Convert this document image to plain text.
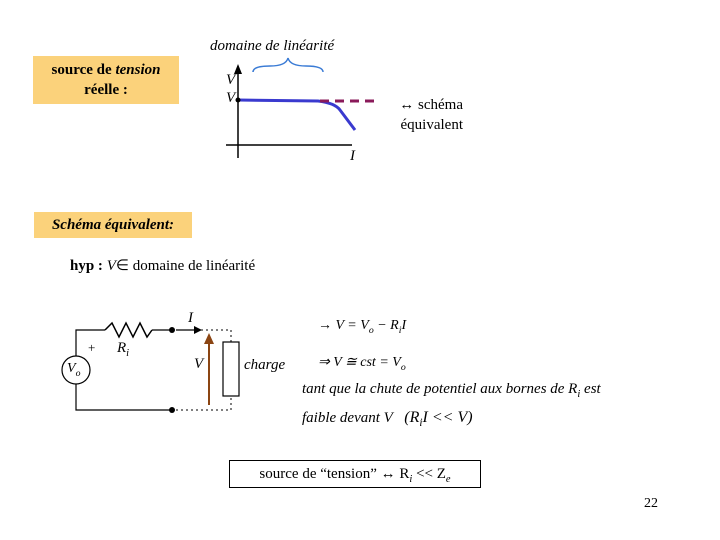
source de tension
réelle :
domaine de linéarité
V
V
I
↔ schéma
équivalent
Schéma équivalent:
hyp : V∈ domaine de linéarité
+
$V_o$
$R_i$
I
V	charge
→ $V = V_o - R_iI$
⇒ V ≅ cst = $V_o$
tant que la chute de potentiel aux bornes de $R_i$ est
faible devant V $(R_iI << V)$
source de “tension” ↔ $R_i << Z_e$
22
